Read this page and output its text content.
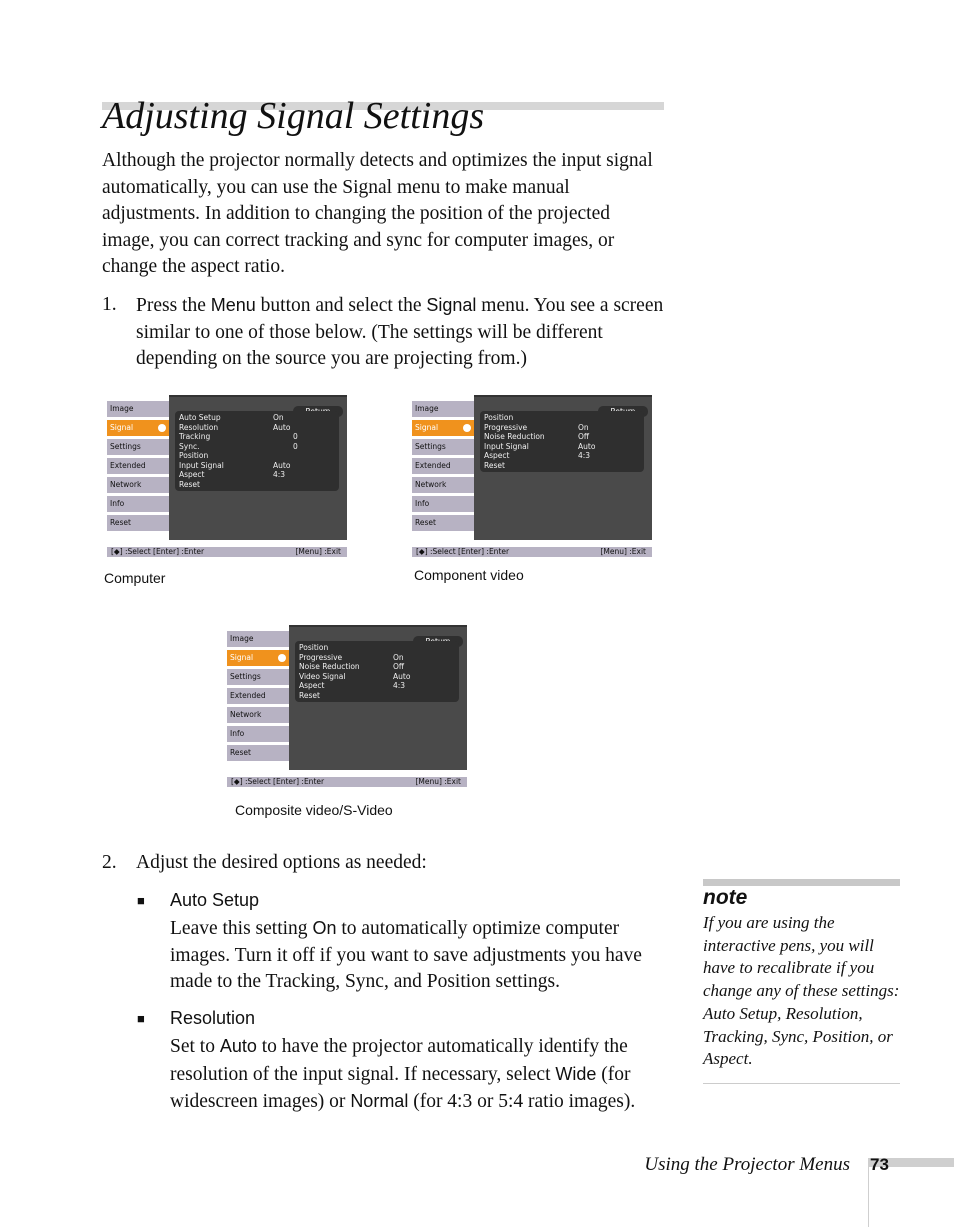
Adjusting Signal Settings

Although the projector normally detects and optimizes the input signal automatically, you can use the Signal menu to make manual adjustments. In addition to changing the position of the projected image, you can correct tracking and sync for computer images, or change the aspect ratio.

1. Press the Menu button and select the Signal menu. You see a screen similar to one of those below. (The settings will be different depending on the source you are projecting from.)

Image
Signal
Settings
Extended
Network
Info
Reset
Auto Setup	On
Resolution	Auto
Tracking	0
Sync.	0
Position
Input Signal	Auto
Aspect	4:3
Reset
[◆] :Select [Enter] :Enter	[Menu] :Exit
Computer
Image
Signal
Settings
Extended
Network
Info
Reset
Position
Progressive	On
Noise Reduction	Off
Input Signal	Auto
Aspect	4:3
Reset
[◆] :Select [Enter] :Enter	[Menu] :Exit
Component video
Image
Signal
Settings
Extended
Network
Info
Reset
Position
Progressive	On
Noise Reduction	Off
Video Signal	Auto
Aspect	4:3
Reset
[◆] :Select [Enter] :Enter	[Menu] :Exit
Composite video/S-Video

2. Adjust the desired options as needed:

■ Auto Setup

Leave this setting On to automatically optimize computer images. Turn it off if you want to save adjustments you have made to the Tracking, Sync, and Position settings.

■ Resolution

Set to Auto to have the projector automatically identify the resolution of the input signal. If necessary, select Wide (for widescreen images) or Normal (for 4:3 or 5:4 ratio images).

note
If you are using the interactive pens, you will have to recalibrate if you change any of these settings: Auto Setup, Resolution, Tracking, Sync, Position, or Aspect.
Using the Projector Menus 73
